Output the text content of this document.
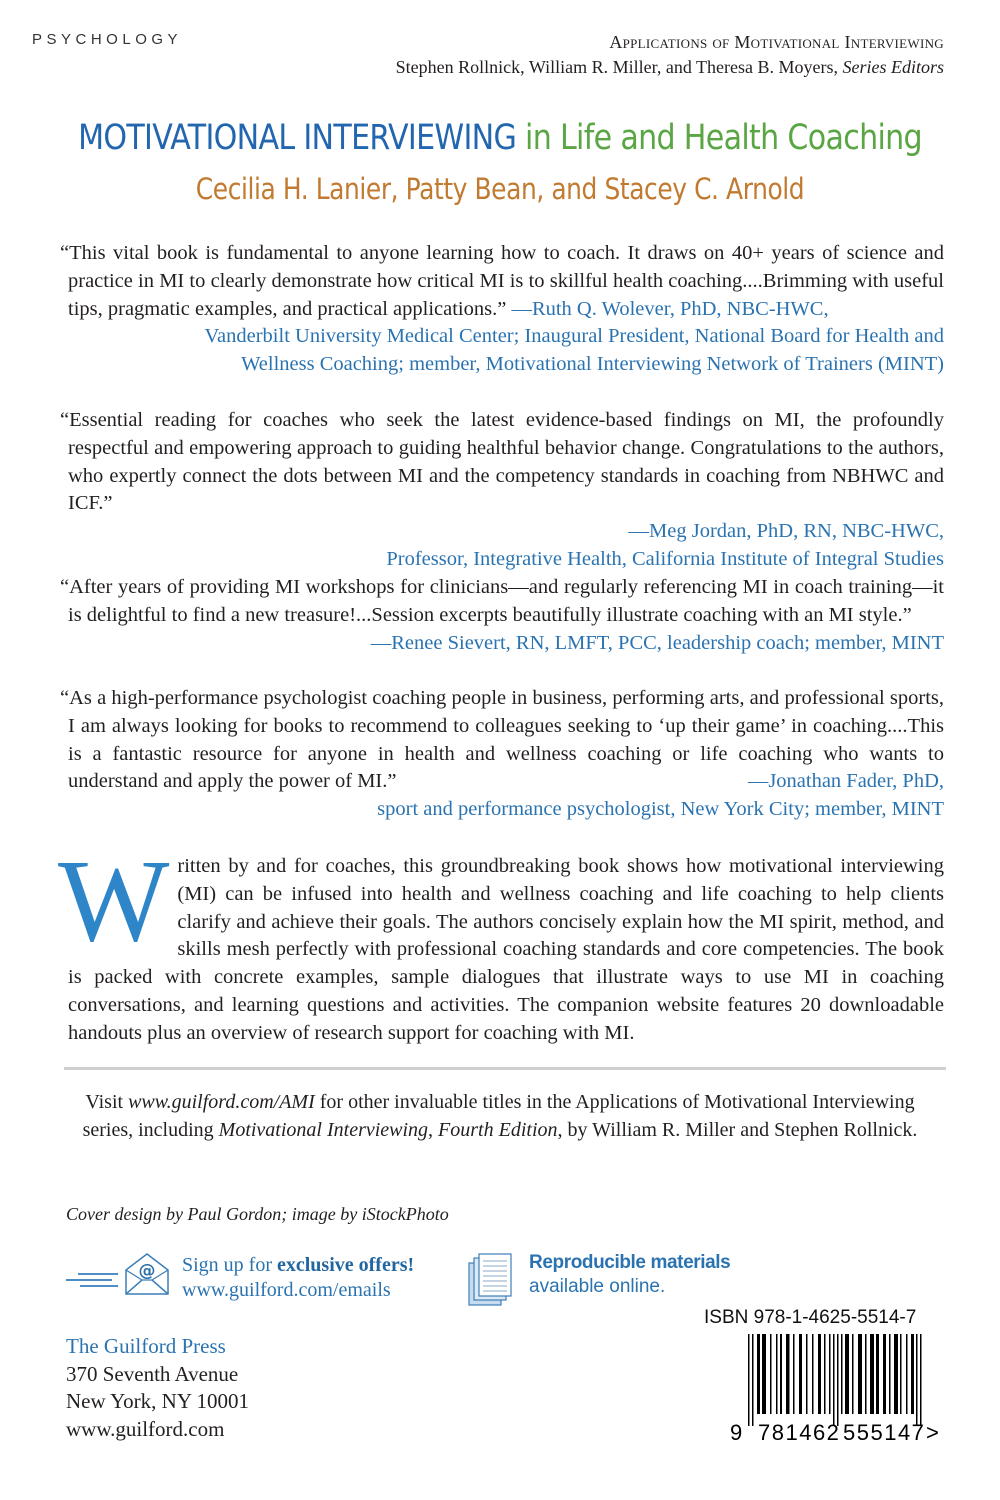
PSYCHOLOGY	Applications of Motivational Interviewing
Stephen Rollnick, William R. Miller, and Theresa B. Moyers, Series Editors
MOTIVATIONAL INTERVIEWING in Life and Health Coaching
Cecilia H. Lanier, Patty Bean, and Stacey C. Arnold
“This vital book is fundamental to anyone learning how to coach. It draws on 40+ years of science and practice in MI to clearly demonstrate how critical MI is to skillful health coaching....Brimming with useful tips, pragmatic examples, and practical applications.” —Ruth Q. Wolever, PhD, NBC-HWC,
Vanderbilt University Medical Center; Inaugural President, National Board for Health and
Wellness Coaching; member, Motivational Interviewing Network of Trainers (MINT)
“Essential reading for coaches who seek the latest evidence-based findings on MI, the profoundly respectful and empowering approach to guiding healthful behavior change. Congratulations to the authors, who expertly connect the dots between MI and the competency standards in coaching from NBHWC and ICF.”
—Meg Jordan, PhD, RN, NBC-HWC,
Professor, Integrative Health, California Institute of Integral Studies
“After years of providing MI workshops for clinicians—and regularly referencing MI in coach training—it is delightful to find a new treasure!...Session excerpts beautifully illustrate coaching with an MI style.”
—Renee Sievert, RN, LMFT, PCC, leadership coach; member, MINT
“As a high-performance psychologist coaching people in business, performing arts, and professional sports, I am always looking for books to recommend to colleagues seeking to ‘up their game’ in coaching....This is a fantastic resource for anyone in health and wellness coaching or life coaching who wants to understand and apply the power of MI.”	—Jonathan Fader, PhD,
sport and performance psychologist, New York City; member, MINT
Written by and for coaches, this groundbreaking book shows how motivational interviewing (MI) can be infused into health and wellness coaching and life coaching to help clients clarify and achieve their goals. The authors concisely explain how the MI spirit, method, and skills mesh perfectly with professional coaching standards and core competencies. The book is packed with concrete examples, sample dialogues that illustrate ways to use MI in coaching conversations, and learning questions and activities. The companion website features 20 downloadable handouts plus an overview of research support for coaching with MI.
Visit www.guilford.com/AMI for other invaluable titles in the Applications of Motivational Interviewing series, including Motivational Interviewing, Fourth Edition, by William R. Miller and Stephen Rollnick.
Cover design by Paul Gordon; image by iStockPhoto
@ Sign up for exclusive offers!
www.guilford.com/emails
Reproducible materials
available online.
ISBN 978-1-4625-5514-7
9 781462 555147 >
The Guilford Press
370 Seventh Avenue
New York, NY 10001
www.guilford.com
